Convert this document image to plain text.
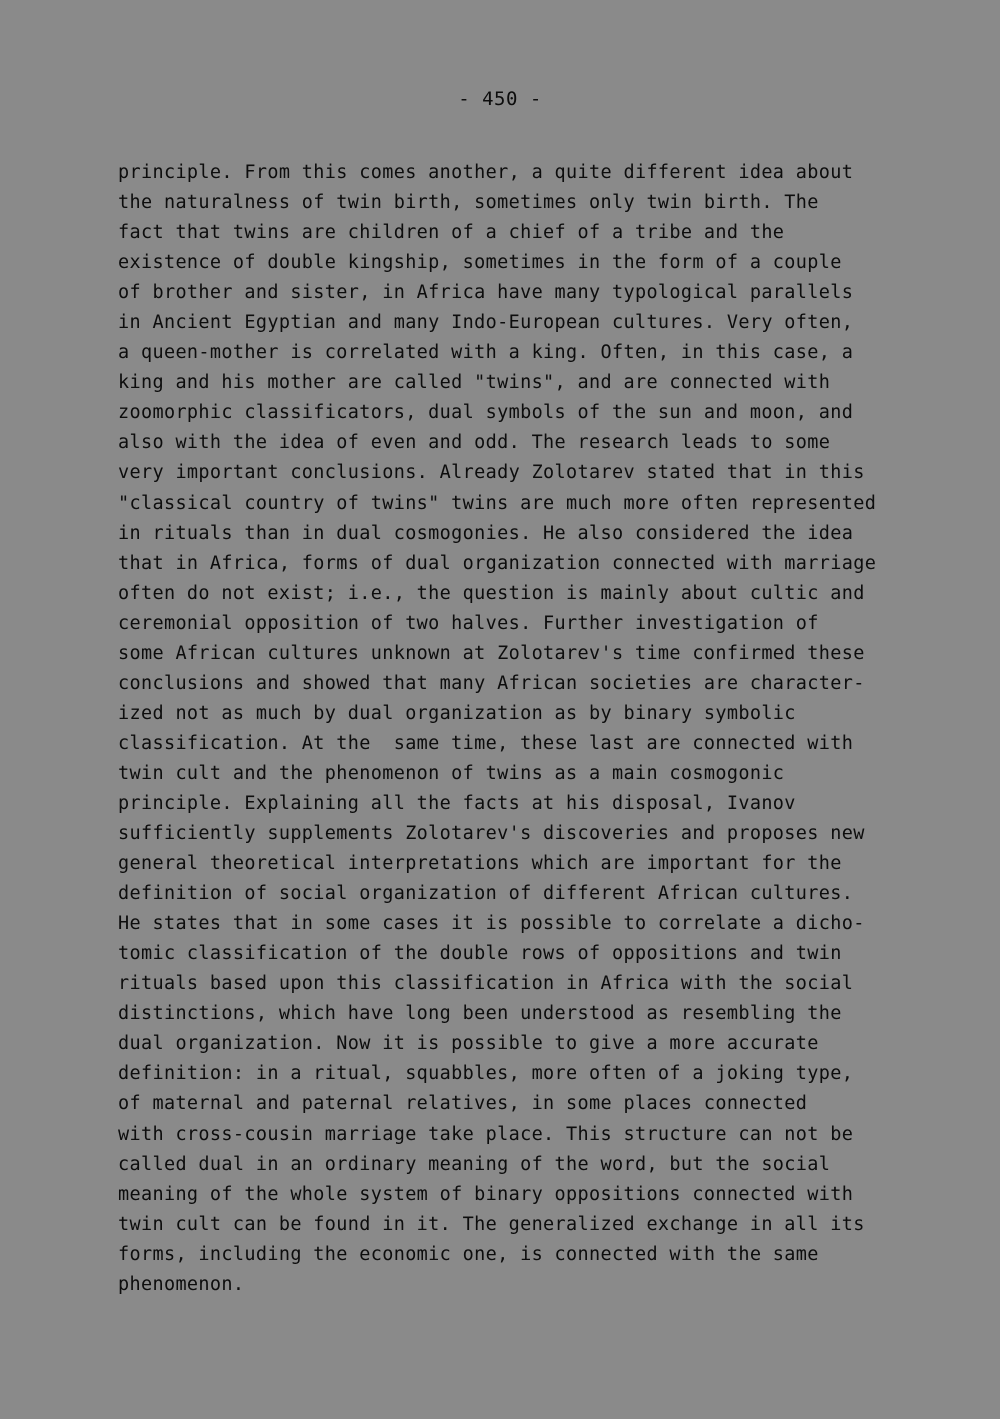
- 450 -
principle. From this comes another, a quite different idea about
the naturalness of twin birth, sometimes only twin birth. The
fact that twins are children of a chief of a tribe and the
existence of double kingship, sometimes in the form of a couple
of brother and sister, in Africa have many typological parallels
in Ancient Egyptian and many Indo-European cultures. Very often,
a queen-mother is correlated with a king. Often, in this case, a
king and his mother are called "twins", and are connected with
zoomorphic classificators, dual symbols of the sun and moon, and
also with the idea of even and odd. The research leads to some
very important conclusions. Already Zolotarev stated that in this
"classical country of twins" twins are much more often represented
in rituals than in dual cosmogonies. He also considered the idea
that in Africa, forms of dual organization connected with marriage
often do not exist; i.e., the question is mainly about cultic and
ceremonial opposition of two halves. Further investigation of
some African cultures unknown at Zolotarev's time confirmed these
conclusions and showed that many African societies are character-
ized not as much by dual organization as by binary symbolic
classification. At the  same time, these last are connected with
twin cult and the phenomenon of twins as a main cosmogonic
principle. Explaining all the facts at his disposal, Ivanov
sufficiently supplements Zolotarev's discoveries and proposes new
general theoretical interpretations which are important for the
definition of social organization of different African cultures.
He states that in some cases it is possible to correlate a dicho-
tomic classification of the double rows of oppositions and twin
rituals based upon this classification in Africa with the social
distinctions, which have long been understood as resembling the
dual organization. Now it is possible to give a more accurate
definition: in a ritual, squabbles, more often of a joking type,
of maternal and paternal relatives, in some places connected
with cross-cousin marriage take place. This structure can not be
called dual in an ordinary meaning of the word, but the social
meaning of the whole system of binary oppositions connected with
twin cult can be found in it. The generalized exchange in all its
forms, including the economic one, is connected with the same
phenomenon.
